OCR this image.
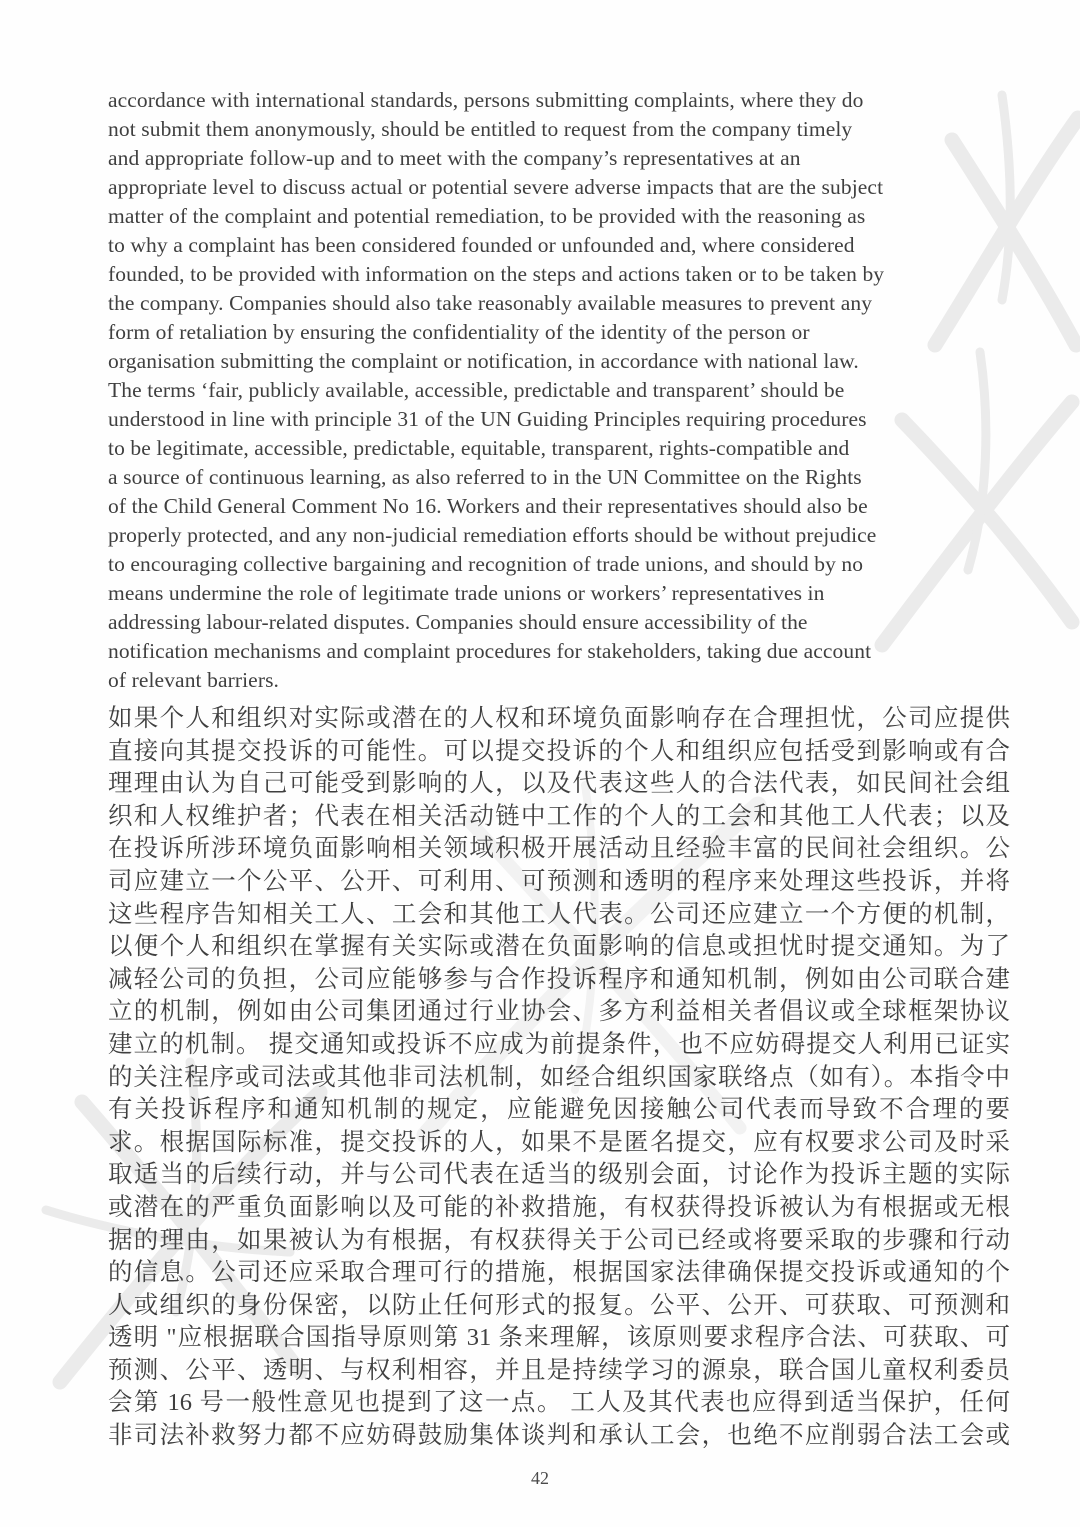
accordance with international standards, persons submitting complaints, where they do
not submit them anonymously, should be entitled to request from the company timely
and appropriate follow-up and to meet with the company’s representatives at an
appropriate level to discuss actual or potential severe adverse impacts that are the subject
matter of the complaint and potential remediation, to be provided with the reasoning as
to why a complaint has been considered founded or unfounded and, where considered
founded, to be provided with information on the steps and actions taken or to be taken by
the company. Companies should also take reasonably available measures to prevent any
form of retaliation by ensuring the confidentiality of the identity of the person or
organisation submitting the complaint or notification, in accordance with national law.
The terms ‘fair, publicly available, accessible, predictable and transparent’ should be
understood in line with principle 31 of the UN Guiding Principles requiring procedures
to be legitimate, accessible, predictable, equitable, transparent, rights-compatible and
a source of continuous learning, as also referred to in the UN Committee on the Rights
of the Child General Comment No 16. Workers and their representatives should also be
properly protected, and any non-judicial remediation efforts should be without prejudice
to encouraging collective bargaining and recognition of trade unions, and should by no
means undermine the role of legitimate trade unions or workers’ representatives in
addressing labour-related disputes. Companies should ensure accessibility of the
notification mechanisms and complaint procedures for stakeholders, taking due account
of relevant barriers.
如果个人和组织对实际或潜在的人权和环境负面影响存在合理担忧，公司应提供
直接向其提交投诉的可能性。可以提交投诉的个人和组织应包括受到影响或有合
理理由认为自己可能受到影响的人，以及代表这些人的合法代表，如民间社会组
织和人权维护者；代表在相关活动链中工作的个人的工会和其他工人代表；以及
在投诉所涉环境负面影响相关领域积极开展活动且经验丰富的民间社会组织。公
司应建立一个公平、公开、可利用、可预测和透明的程序来处理这些投诉，并将
这些程序告知相关工人、工会和其他工人代表。公司还应建立一个方便的机制，
以便个人和组织在掌握有关实际或潜在负面影响的信息或担忧时提交通知。为了
减轻公司的负担，公司应能够参与合作投诉程序和通知机制，例如由公司联合建
立的机制，例如由公司集团通过行业协会、多方利益相关者倡议或全球框架协议
建立的机制。 提交通知或投诉不应成为前提条件，也不应妨碍提交人利用已证实
的关注程序或司法或其他非司法机制，如经合组织国家联络点（如有）。本指令中
有关投诉程序和通知机制的规定，应能避免因接触公司代表而导致不合理的要
求。根据国际标准，提交投诉的人，如果不是匿名提交，应有权要求公司及时采
取适当的后续行动，并与公司代表在适当的级别会面，讨论作为投诉主题的实际
或潜在的严重负面影响以及可能的补救措施，有权获得投诉被认为有根据或无根
据的理由，如果被认为有根据，有权获得关于公司已经或将要采取的步骤和行动
的信息。公司还应采取合理可行的措施，根据国家法律确保提交投诉或通知的个
人或组织的身份保密，以防止任何形式的报复。公平、公开、可获取、可预测和
透明 "应根据联合国指导原则第 31 条来理解，该原则要求程序合法、可获取、可
预测、公平、透明、与权利相容，并且是持续学习的源泉，联合国儿童权利委员
会第 16 号一般性意见也提到了这一点。 工人及其代表也应得到适当保护，任何
非司法补救努力都不应妨碍鼓励集体谈判和承认工会，也绝不应削弱合法工会或
42
